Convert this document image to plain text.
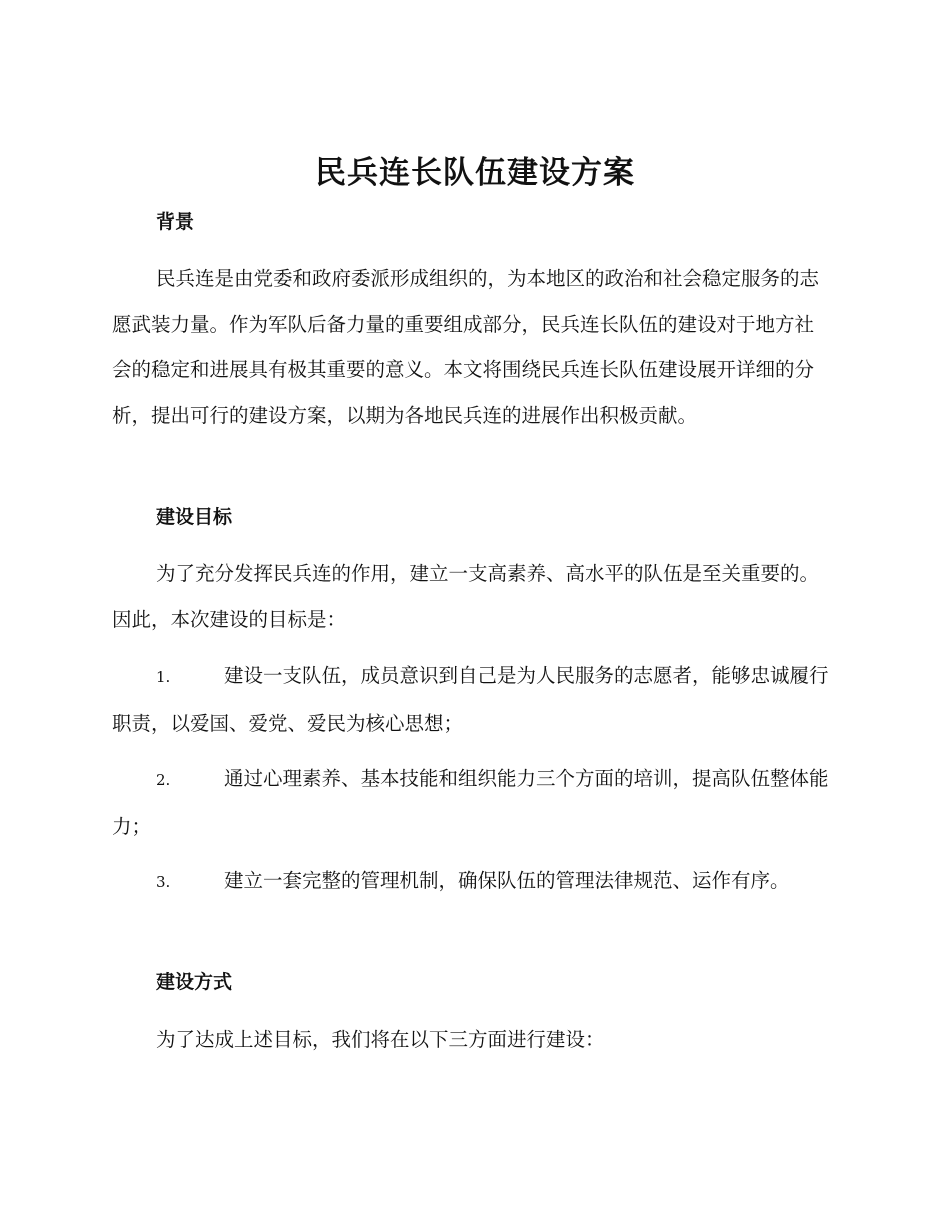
民兵连长队伍建设方案
背景

民兵连是由党委和政府委派形成组织的，为本地区的政治和社会稳定服务的志愿武装力量。作为军队后备力量的重要组成部分，民兵连长队伍的建设对于地方社会的稳定和进展具有极其重要的意义。本文将围绕民兵连长队伍建设展开详细的分析，提出可行的建设方案，以期为各地民兵连的进展作出积极贡献。

建设目标

为了充分发挥民兵连的作用，建立一支高素养、高水平的队伍是至关重要的。因此，本次建设的目标是：

1.	建设一支队伍，成员意识到自己是为人民服务的志愿者，能够忠诚履行职责，以爱国、爱党、爱民为核心思想；
2.	通过心理素养、基本技能和组织能力三个方面的培训，提高队伍整体能力；
3.	建立一套完整的管理机制，确保队伍的管理法律规范、运作有序。
建设方式

为了达成上述目标，我们将在以下三方面进行建设：
